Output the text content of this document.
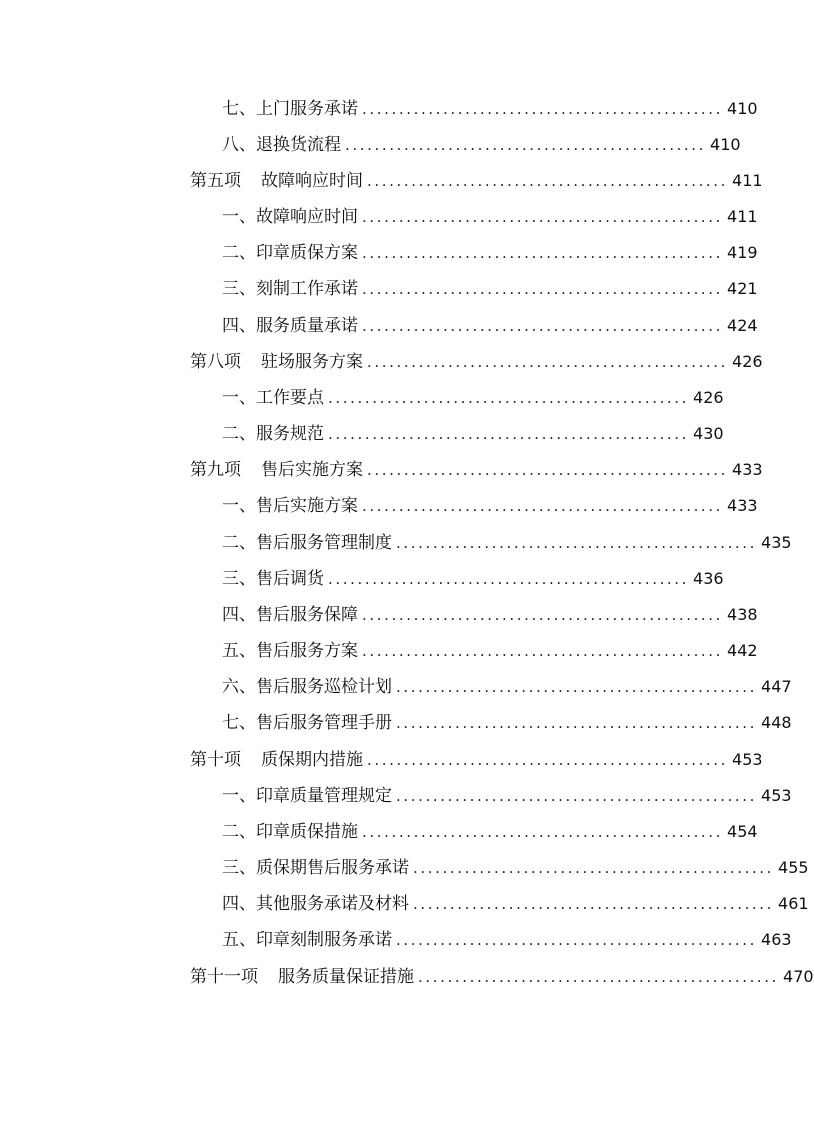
七、上门服务承诺 ................................................. 410
八、退换货流程 ................................................. 410
第五项 故障响应时间 ................................................. 411
一、故障响应时间 ................................................. 411
二、印章质保方案 ................................................. 419
三、刻制工作承诺 ................................................. 421
四、服务质量承诺 ................................................. 424
第八项 驻场服务方案 ................................................. 426
一、工作要点 ................................................. 426
二、服务规范 ................................................. 430
第九项 售后实施方案 ................................................. 433
一、售后实施方案 ................................................. 433
二、售后服务管理制度 ................................................. 435
三、售后调货 ................................................. 436
四、售后服务保障 ................................................. 438
五、售后服务方案 ................................................. 442
六、售后服务巡检计划 ................................................. 447
七、售后服务管理手册 ................................................. 448
第十项 质保期内措施 ................................................. 453
一、印章质量管理规定 ................................................. 453
二、印章质保措施 ................................................. 454
三、质保期售后服务承诺 ................................................. 455
四、其他服务承诺及材料 ................................................. 461
五、印章刻制服务承诺 ................................................. 463
第十一项 服务质量保证措施 ................................................. 470
